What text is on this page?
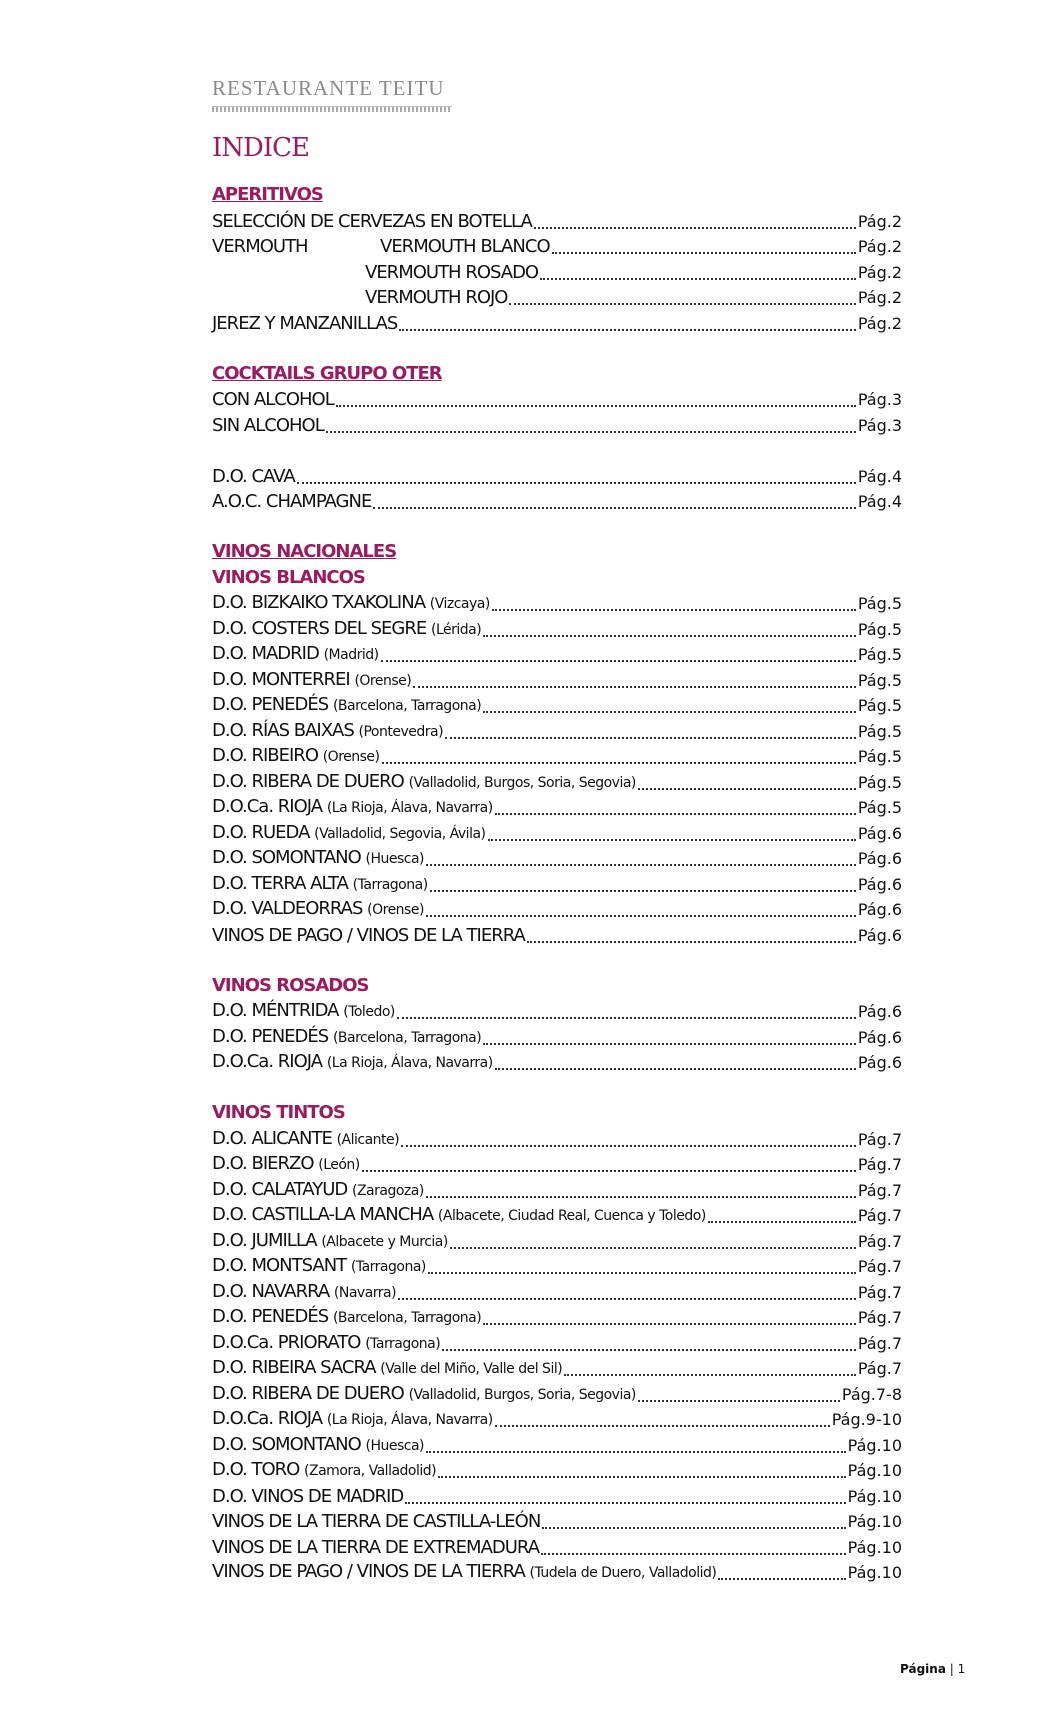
RESTAURANTE TEITU
INDICE
APERITIVOS
SELECCIÓN DE CERVEZAS EN BOTELLA	Pág.2
VERMOUTH	VERMOUTH BLANCO	Pág.2
VERMOUTH ROSADO	Pág.2
VERMOUTH ROJO	Pág.2
JEREZ Y MANZANILLAS	Pág.2
COCKTAILS GRUPO OTER
CON ALCOHOL	Pág.3
SIN ALCOHOL	Pág.3
D.O. CAVA	Pág.4
A.O.C. CHAMPAGNE	Pág.4
VINOS NACIONALES
VINOS BLANCOS
D.O. BIZKAIKO TXAKOLINA (Vizcaya)	Pág.5
D.O. COSTERS DEL SEGRE (Lérida)	Pág.5
D.O. MADRID (Madrid)	Pág.5
D.O. MONTERREI (Orense)	Pág.5
D.O. PENEDÉS (Barcelona, Tarragona)	Pág.5
D.O. RÍAS BAIXAS (Pontevedra)	Pág.5
D.O. RIBEIRO (Orense)	Pág.5
D.O. RIBERA DE DUERO (Valladolid, Burgos, Soria, Segovia)	Pág.5
D.O.Ca. RIOJA (La Rioja, Álava, Navarra)	Pág.5
D.O. RUEDA (Valladolid, Segovia, Ávila)	Pág.6
D.O. SOMONTANO (Huesca)	Pág.6
D.O. TERRA ALTA (Tarragona)	Pág.6
D.O. VALDEORRAS (Orense)	Pág.6
VINOS DE PAGO / VINOS DE LA TIERRA	Pág.6
VINOS ROSADOS
D.O. MÉNTRIDA (Toledo)	Pág.6
D.O. PENEDÉS (Barcelona, Tarragona)	Pág.6
D.O.Ca. RIOJA (La Rioja, Álava, Navarra)	Pág.6
VINOS TINTOS
D.O. ALICANTE (Alicante)	Pág.7
D.O. BIERZO (León)	Pág.7
D.O. CALATAYUD (Zaragoza)	Pág.7
D.O. CASTILLA-LA MANCHA (Albacete, Ciudad Real, Cuenca y Toledo)	Pág.7
D.O. JUMILLA (Albacete y Murcia)	Pág.7
D.O. MONTSANT (Tarragona)	Pág.7
D.O. NAVARRA (Navarra)	Pág.7
D.O. PENEDÉS (Barcelona, Tarragona)	Pág.7
D.O.Ca. PRIORATO (Tarragona)	Pág.7
D.O. RIBEIRA SACRA (Valle del Miño, Valle del Sil)	Pág.7
D.O. RIBERA DE DUERO (Valladolid, Burgos, Soria, Segovia)	Pág.7-8
D.O.Ca. RIOJA (La Rioja, Álava, Navarra)	Pág.9-10
D.O. SOMONTANO (Huesca)	Pág.10
D.O. TORO (Zamora, Valladolid)	Pág.10
D.O. VINOS DE MADRID	Pág.10
VINOS DE LA TIERRA DE CASTILLA-LEÓN	Pág.10
VINOS DE LA TIERRA DE EXTREMADURA	Pág.10
VINOS DE PAGO / VINOS DE LA TIERRA (Tudela de Duero, Valladolid)	Pág.10
Página | 1
